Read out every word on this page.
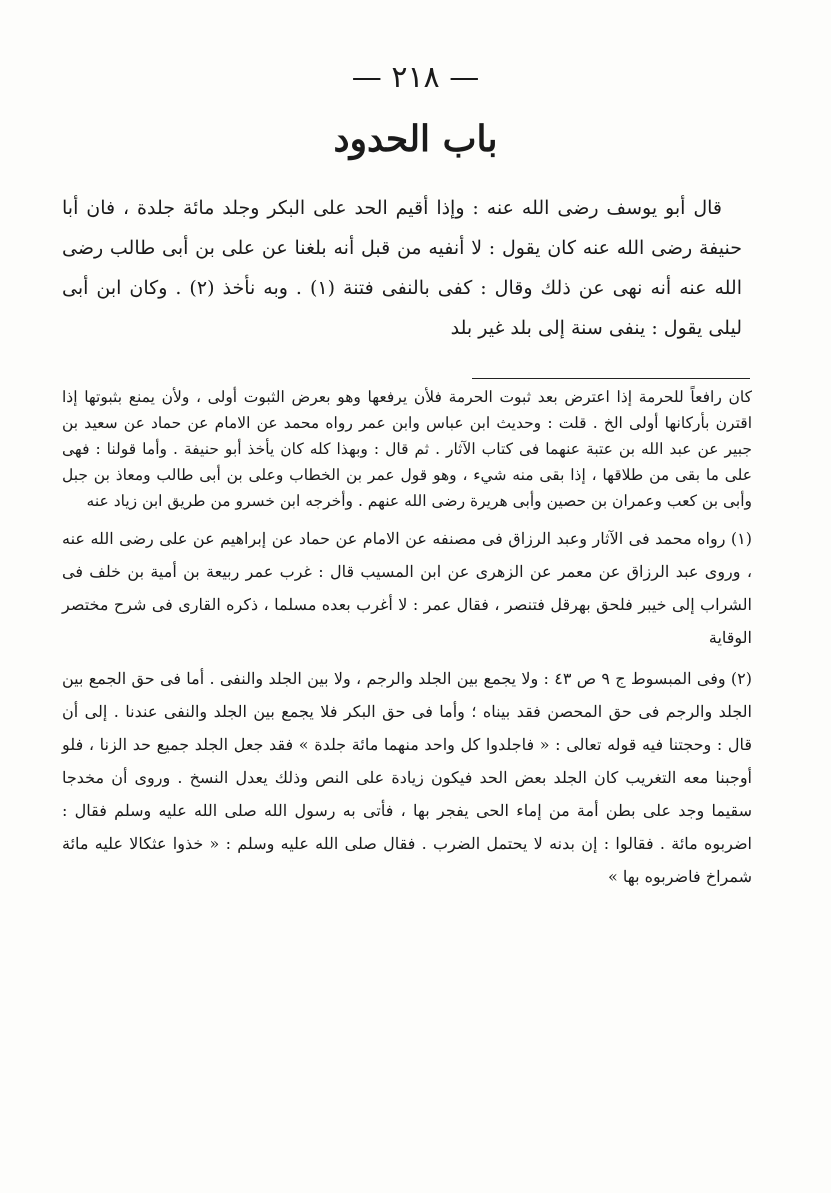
— ٢١٨ —
باب الحدود

قال أبو يوسف رضى الله عنه : وإذا أقيم الحد على البكر وجلد مائة جلدة ، فان أبا حنيفة رضى الله عنه كان يقول : لا أنفيه من قبل أنه بلغنا عن على بن أبى طالب رضى الله عنه أنه نهى عن ذلك وقال : كفى بالنفى فتنة (١) . وبه نأخذ (٢) . وكان ابن أبى ليلى يقول : ينفى سنة إلى بلد غير بلد

كان رافعاً للحرمة إذا اعترض بعد ثبوت الحرمة فلأن يرفعها وهو بعرض الثبوت أولى ، ولأن يمنع بثبوتها إذا اقترن بأركانها أولى الخ . قلت : وحديث ابن عباس وابن عمر رواه محمد عن الامام عن حماد عن سعيد بن جبير عن عبد الله بن عتبة عنهما فى كتاب الآثار . ثم قال : وبهذا كله كان يأخذ أبو حنيفة . وأما قولنا : فهى على ما بقى من طلاقها ، إذا بقى منه شيء ، وهو قول عمر بن الخطاب وعلى بن أبى طالب ومعاذ بن جبل وأبى بن كعب وعمران بن حصين وأبى هريرة رضى الله عنهم . وأخرجه ابن خسرو من طريق ابن زياد عنه

(١) رواه محمد فى الآثار وعبد الرزاق فى مصنفه عن الامام عن حماد عن إبراهيم عن على رضى الله عنه ، وروى عبد الرزاق عن معمر عن الزهرى عن ابن المسيب قال : غرب عمر ربيعة بن أمية بن خلف فى الشراب إلى خيبر فلحق بهرقل فتنصر ، فقال عمر : لا أغرب بعده مسلما ، ذكره القارى فى شرح مختصر الوقاية

(٢) وفى المبسوط ج ٩ ص ٤٣ : ولا يجمع بين الجلد والرجم ، ولا بين الجلد والنفى . أما فى حق الجمع بين الجلد والرجم فى حق المحصن فقد بيناه ؛ وأما فى حق البكر فلا يجمع بين الجلد والنفى عندنا . إلى أن قال : وحجتنا فيه قوله تعالى : « فاجلدوا كل واحد منهما مائة جلدة » فقد جعل الجلد جميع حد الزنا ، فلو أوجبنا معه التغريب كان الجلد بعض الحد فيكون زيادة على النص وذلك يعدل النسخ . وروى أن مخدجا سقيما وجد على بطن أمة من إماء الحى يفجر بها ، فأتى به رسول الله صلى الله عليه وسلم فقال : اضربوه مائة . فقالوا : إن بدنه لا يحتمل الضرب . فقال صلى الله عليه وسلم : « خذوا عثكالا عليه مائة شمراخ فاضربوه بها »
